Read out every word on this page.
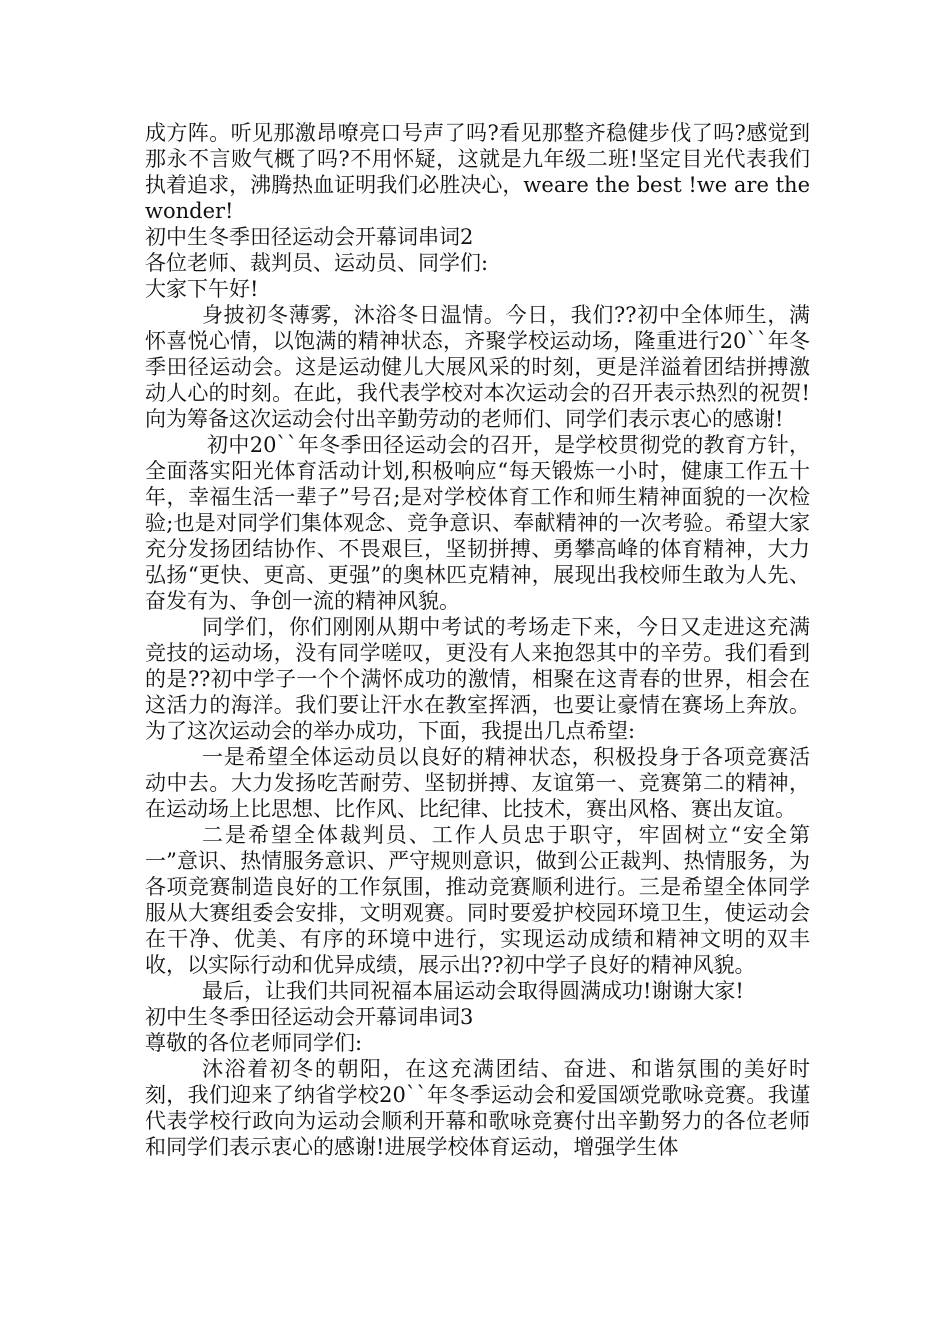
成方阵。听见那激昂嘹亮口号声了吗?看见那整齐稳健步伐了吗?感觉到那永不言败气概了吗?不用怀疑，这就是九年级二班!坚定目光代表我们执着追求，沸腾热血证明我们必胜决心，weare the best !we are the wonder!

初中生冬季田径运动会开幕词串词2

各位老师、裁判员、运动员、同学们:

大家下午好!

身披初冬薄雾，沐浴冬日温情。今日，我们??初中全体师生，满怀喜悦心情，以饱满的精神状态，齐聚学校运动场，隆重进行20``年冬季田径运动会。这是运动健儿大展风采的时刻，更是洋溢着团结拼搏激动人心的时刻。在此，我代表学校对本次运动会的召开表示热烈的祝贺!向为筹备这次运动会付出辛勤劳动的老师们、同学们表示衷心的感谢!

初中20``年冬季田径运动会的召开，是学校贯彻党的教育方针，全面落实阳光体育活动计划,积极响应“每天锻炼一小时，健康工作五十年，幸福生活一辈子”号召;是对学校体育工作和师生精神面貌的一次检验;也是对同学们集体观念、竞争意识、奉献精神的一次考验。希望大家充分发扬团结协作、不畏艰巨，坚韧拼搏、勇攀高峰的体育精神，大力弘扬“更快、更高、更强”的奥林匹克精神，展现出我校师生敢为人先、奋发有为、争创一流的精神风貌。

同学们，你们刚刚从期中考试的考场走下来，今日又走进这充满竞技的运动场，没有同学嗟叹，更没有人来抱怨其中的辛劳。我们看到的是??初中学子一个个满怀成功的激情，相聚在这青春的世界，相会在这活力的海洋。我们要让汗水在教室挥洒，也要让豪情在赛场上奔放。为了这次运动会的举办成功，下面，我提出几点希望:

一是希望全体运动员以良好的精神状态，积极投身于各项竞赛活动中去。大力发扬吃苦耐劳、坚韧拼搏、友谊第一、竞赛第二的精神，在运动场上比思想、比作风、比纪律、比技术，赛出风格、赛出友谊。

二是希望全体裁判员、工作人员忠于职守，牢固树立“安全第一”意识、热情服务意识、严守规则意识，做到公正裁判、热情服务，为各项竞赛制造良好的工作氛围，推动竞赛顺利进行。三是希望全体同学服从大赛组委会安排，文明观赛。同时要爱护校园环境卫生，使运动会在干净、优美、有序的环境中进行，实现运动成绩和精神文明的双丰收，以实际行动和优异成绩，展示出??初中学子良好的精神风貌。

最后，让我们共同祝福本届运动会取得圆满成功!谢谢大家!

初中生冬季田径运动会开幕词串词3

尊敬的各位老师同学们:

沐浴着初冬的朝阳，在这充满团结、奋进、和谐氛围的美好时刻，我们迎来了纳省学校20``年冬季运动会和爱国颂党歌咏竞赛。我谨代表学校行政向为运动会顺利开幕和歌咏竞赛付出辛勤努力的各位老师和同学们表示衷心的感谢!进展学校体育运动，增强学生体
